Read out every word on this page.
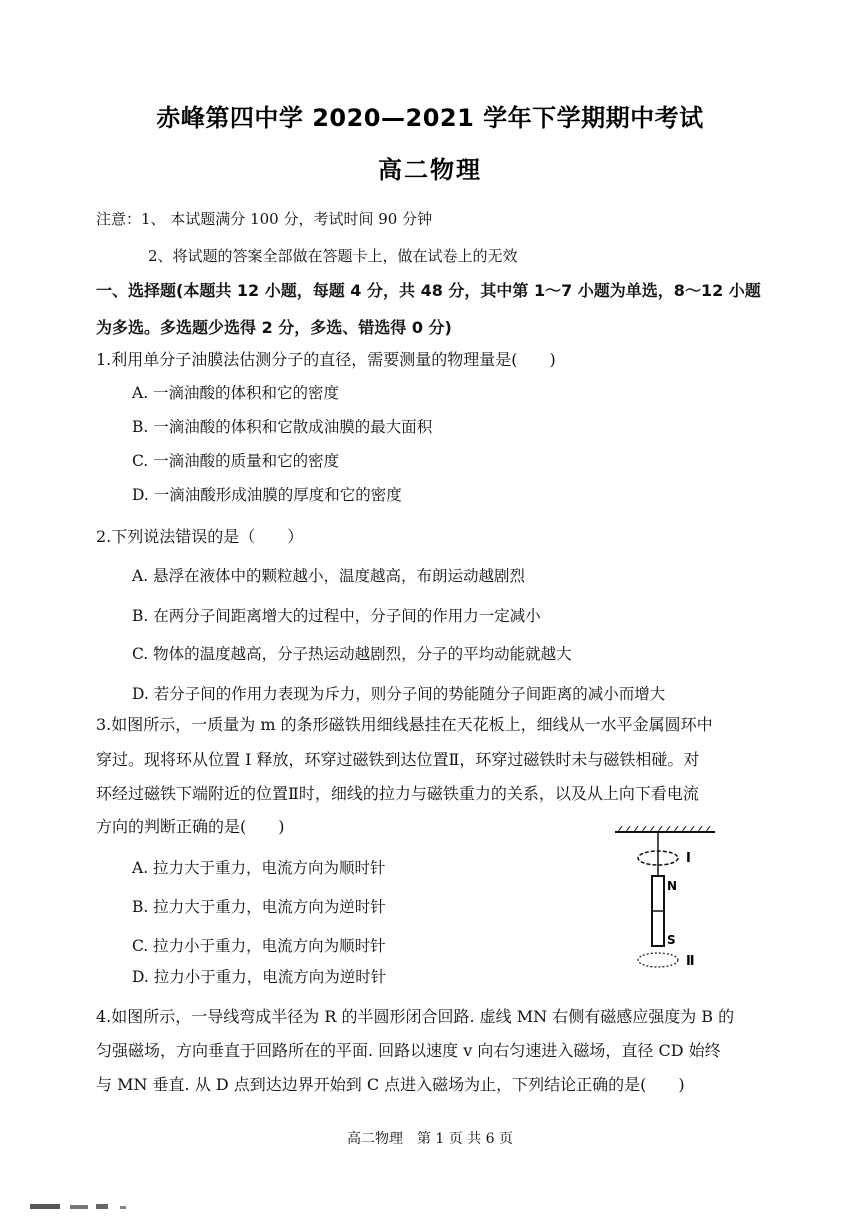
赤峰第四中学 2020—2021 学年下学期期中考试
高二物理
注意：1、 本试题满分 100 分，考试时间 90 分钟
2、将试题的答案全部做在答题卡上，做在试卷上的无效
一、选择题(本题共 12 小题，每题 4 分，共 48 分，其中第 1～7 小题为单选，8～12 小题
为多选。多选题少选得 2 分，多选、错选得 0 分)
1.利用单分子油膜法估测分子的直径，需要测量的物理量是(　　)
A. 一滴油酸的体积和它的密度
B. 一滴油酸的体积和它散成油膜的最大面积
C. 一滴油酸的质量和它的密度
D. 一滴油酸形成油膜的厚度和它的密度
2.下列说法错误的是（　　）
A. 悬浮在液体中的颗粒越小，温度越高，布朗运动越剧烈
B. 在两分子间距离增大的过程中，分子间的作用力一定减小
C. 物体的温度越高，分子热运动越剧烈，分子的平均动能就越大
D. 若分子间的作用力表现为斥力，则分子间的势能随分子间距离的减小而增大
3.如图所示，一质量为 m 的条形磁铁用细线悬挂在天花板上，细线从一水平金属圆环中
穿过。现将环从位置 Ⅰ 释放，环穿过磁铁到达位置Ⅱ，环穿过磁铁时未与磁铁相碰。对
环经过磁铁下端附近的位置Ⅱ时，细线的拉力与磁铁重力的关系，以及从上向下看电流
方向的判断正确的是(　　)
A. 拉力大于重力，电流方向为顺时针
B. 拉力大于重力，电流方向为逆时针
C. 拉力小于重力，电流方向为顺时针
D. 拉力小于重力，电流方向为逆时针
Ⅰ
N
S
Ⅱ
4.如图所示，一导线弯成半径为 R 的半圆形闭合回路. 虚线 MN 右侧有磁感应强度为 B 的
匀强磁场，方向垂直于回路所在的平面. 回路以速度 v 向右匀速进入磁场，直径 CD 始终
与 MN 垂直. 从 D 点到达边界开始到 C 点进入磁场为止，下列结论正确的是(　　)
高二物理　第 1 页 共 6 页
